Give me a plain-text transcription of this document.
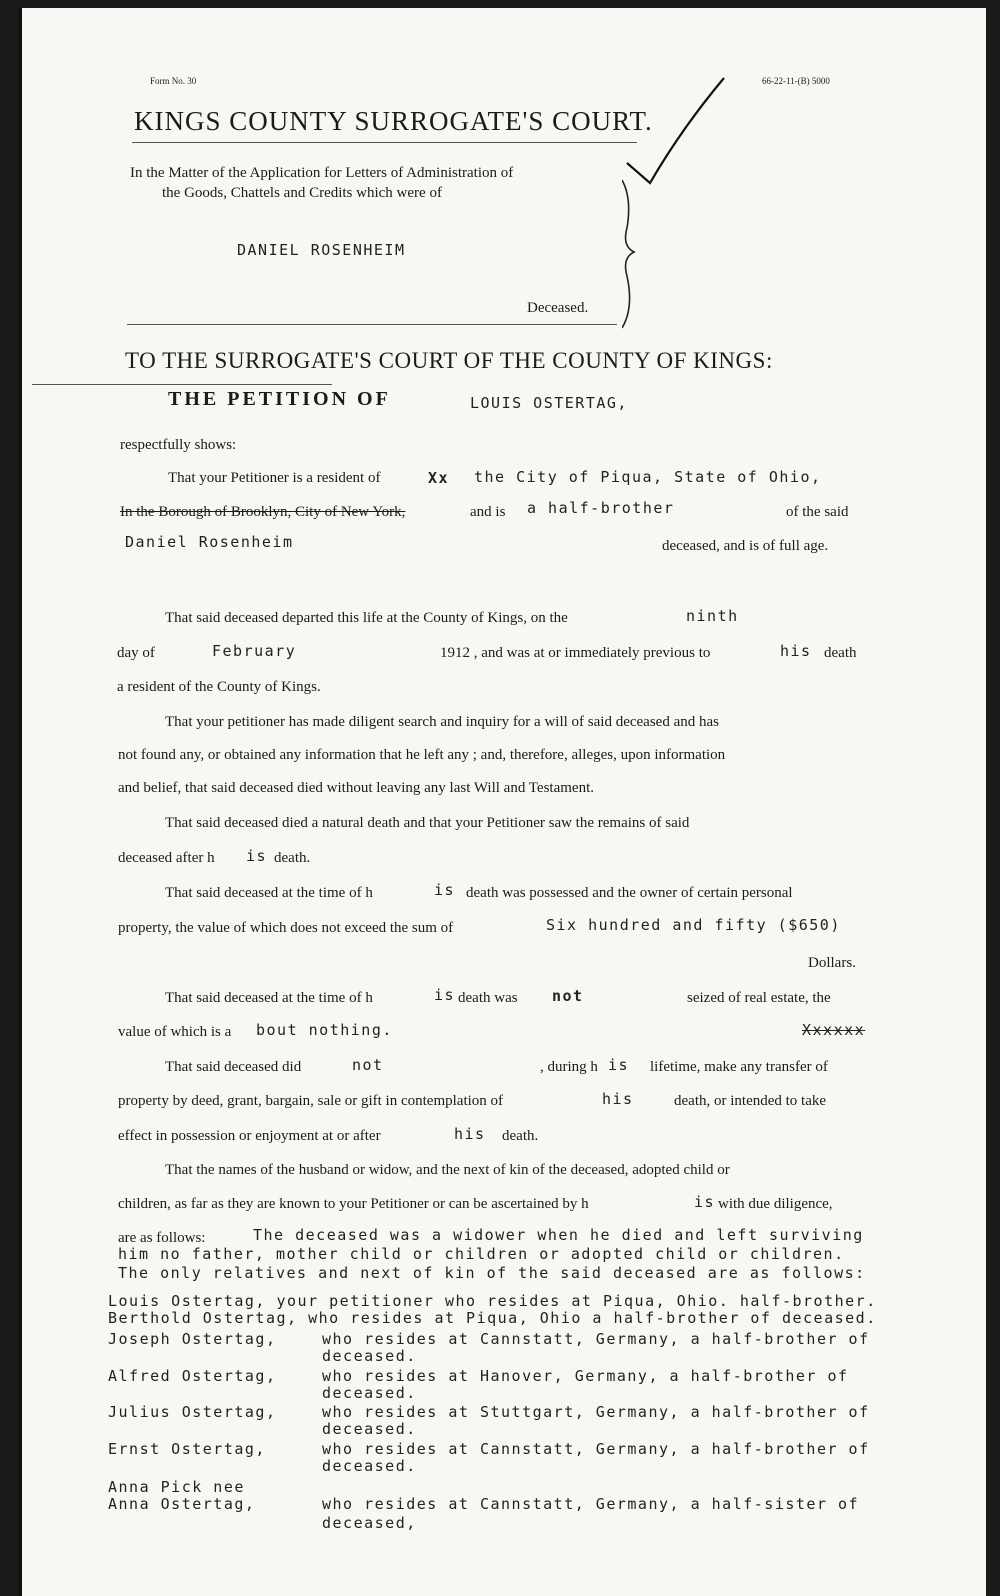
Form No. 30	66-22-11-(B) 5000
KINGS COUNTY SURROGATE'S COURT.
In the Matter of the Application for Letters of Administration of
the Goods, Chattels and Credits which were of
DANIEL ROSENHEIM
Deceased.
TO THE SURROGATE'S COURT OF THE COUNTY OF KINGS:
THE PETITION OF	LOUIS OSTERTAG,
respectfully shows:
That your Petitioner is a resident of	Xx the City of Piqua, State of Ohio,
In the Borough of Brooklyn, City of New York,	and is a half-brother	of the said
Daniel Rosenheim	deceased, and is of full age.
That said deceased departed this life at the County of Kings, on the	ninth
day of	February	1912 , and was at or immediately previous to	his death
a resident of the County of Kings.
That your petitioner has made diligent search and inquiry for a will of said deceased and has
not found any, or obtained any information that he left any ; and, therefore, alleges, upon information
and belief, that said deceased died without leaving any last Will and Testament.
That said deceased died a natural death and that your Petitioner saw the remains of said
deceased after h is death.
That said deceased at the time of h	is death was possessed and the owner of certain personal
property, the value of which does not exceed the sum of	Six hundred and fifty ($650)
Dollars.
That said deceased at the time of h	is death was not	seized of real estate, the
value of which is a bout nothing.	Xxxxxx
That said deceased did	not	, during h is lifetime, make any transfer of
property by deed, grant, bargain, sale or gift in contemplation of	his	death, or intended to take
effect in possession or enjoyment at or after	his death.
That the names of the husband or widow, and the next of kin of the deceased, adopted child or
children, as far as they are known to your Petitioner or can be ascertained by h	is with due diligence,
are as follows:	The deceased was a widower when he died and left surviving
him no father, mother child or children or adopted child or children.
The only relatives and next of kin of the said deceased are as follows:
Louis Ostertag, your petitioner who resides at Piqua, Ohio. half-brother.
Berthold Ostertag, who resides at Piqua, Ohio a half-brother of deceased.
Joseph Ostertag,	who resides at Cannstatt, Germany, a half-brother of
deceased.
Alfred Ostertag,	who resides at Hanover, Germany, a half-brother of
deceased.
Julius Ostertag,	who resides at Stuttgart, Germany, a half-brother of
deceased.
Ernst Ostertag,	who resides at Cannstatt, Germany, a half-brother of
deceased.
Anna Pick nee
Anna Ostertag,	who resides at Cannstatt, Germany, a half-sister of
deceased,
